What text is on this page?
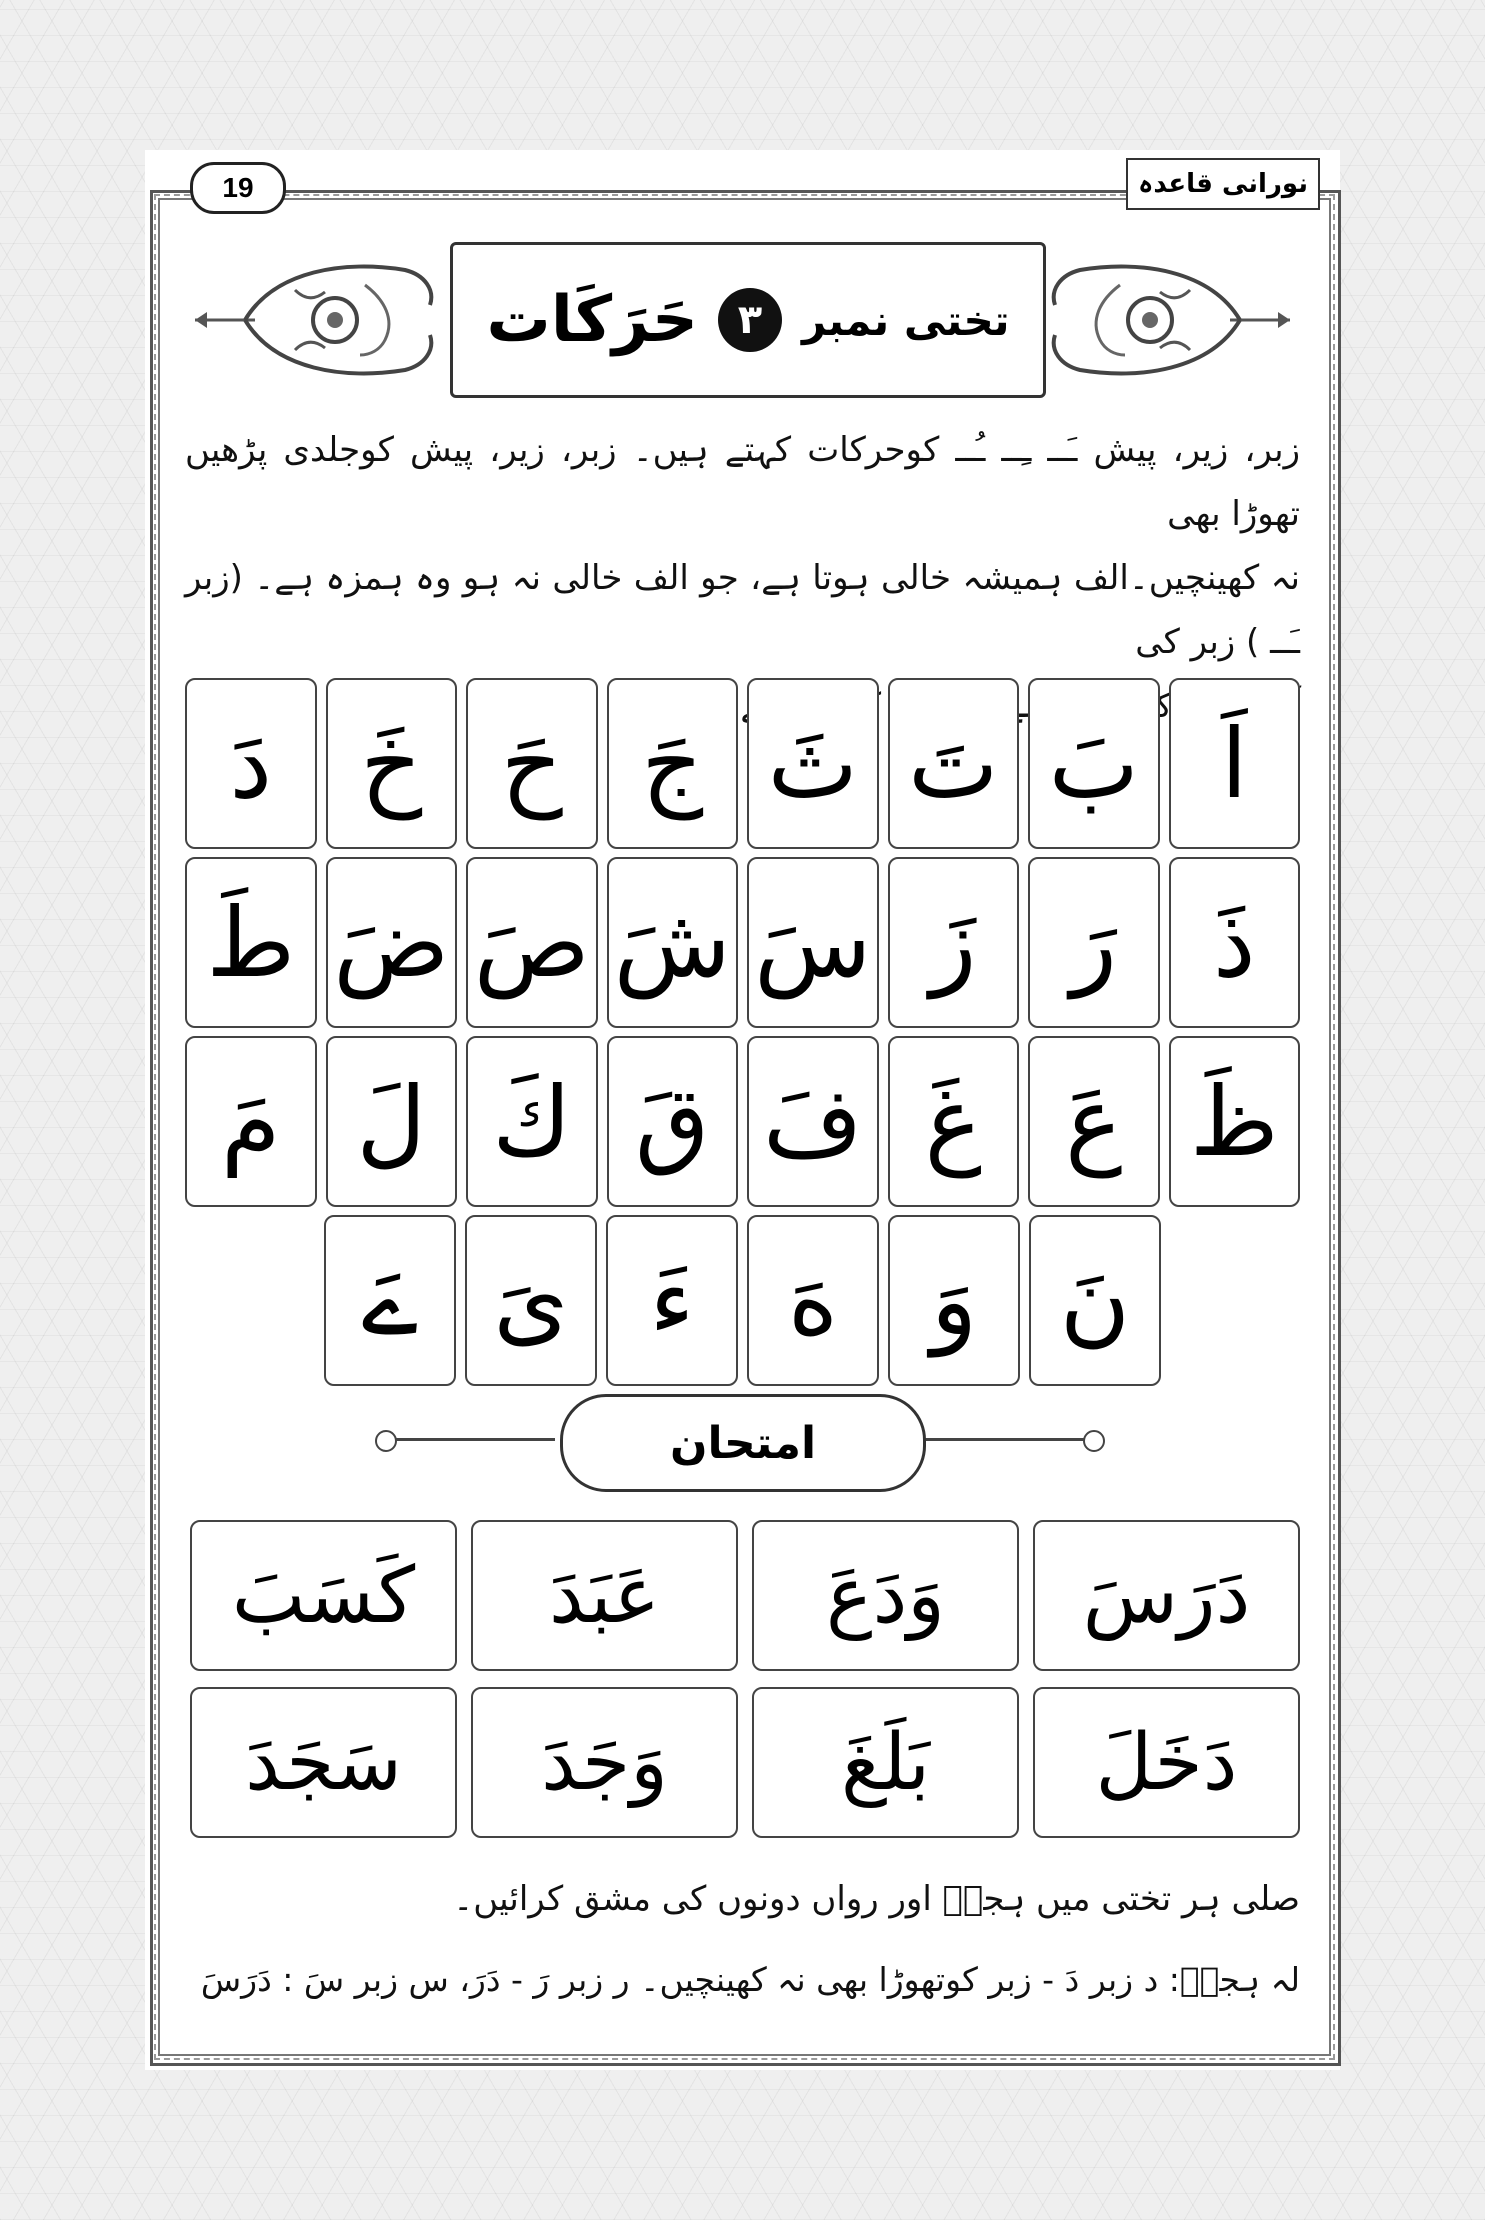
19	نورانی قاعدہ
تختی نمبر
۳
حَرَکَات

زبر، زیر، پیش ـَــ ـِــ ـُــ کوحرکات کہتے ہیں۔ زبر، زیر، پیش کوجلدی پڑھیں تھوڑا بھی

نہ کھینچیں۔الف ہمیشہ خالی ہوتا ہے، جو الف خالی نہ ہو وہ ہمزہ ہے۔ (زبر ـَــ ) زبر کی

ہے

اَ
بَ
تَ
ثَ
جَ
حَ
خَ
دَ
ذَ
رَ
زَ
سَ
شَ
صَ
ضَ
طَ
ظَ
عَ
غَ
فَ
قَ
كَ
لَ
مَ
نَ
وَ
هَ
ءَ
ىَ
ےَ
امتحان
دَرَسَ
وَدَعَ
عَبَدَ
كَسَبَ
دَخَلَ
بَلَغَ
وَجَدَ
سَجَدَ
صلى ہر تختی میں ہجےؔ اور رواں دونوں کی مشق کرائیں۔
لہ ہجےؔ: د زبر دَ - زبر کوتھوڑا بھی نہ کھینچیں۔ ر زبر رَ - دَرَ، س زبر سَ : دَرَسَ
